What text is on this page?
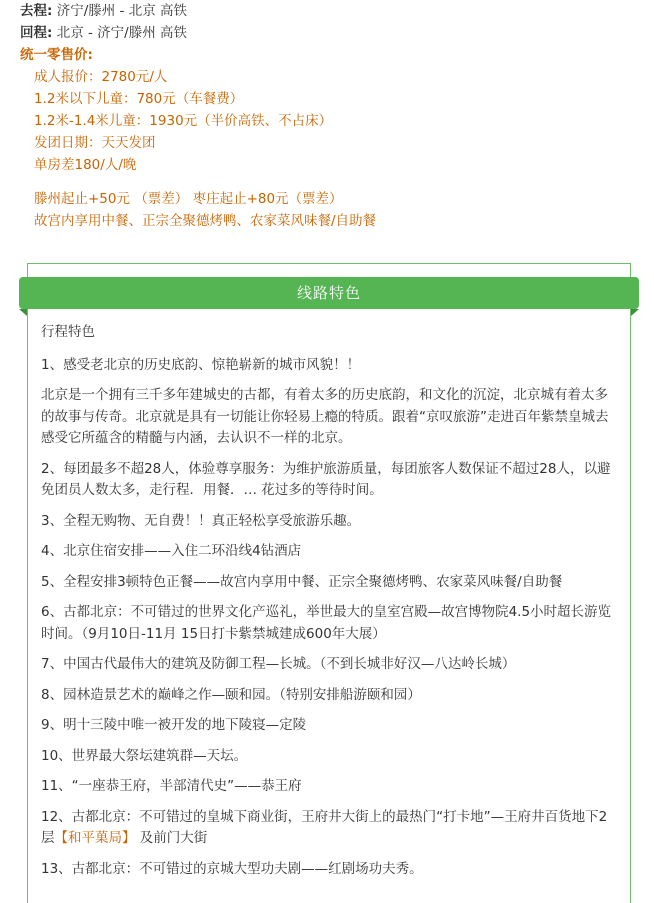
去程: 济宁/滕州 - 北京 高铁
回程: 北京 - 济宁/滕州 高铁
统一零售价:
成人报价：2780元/人
1.2米以下儿童：780元（车餐费）
1.2米-1.4米儿童：1930元（半价高铁、不占床）
发团日期：天天发团
单房差180/人/晚
滕州起止+50元 （票差） 枣庄起止+80元（票差）
故宫内享用中餐、正宗全聚德烤鸭、农家菜风味餐/自助餐
线路特色
行程特色
1、感受老北京的历史底韵、惊艳崭新的城市风貌！！
北京是一个拥有三千多年建城史的古都，有着太多的历史底韵，和文化的沉淀，北京城有着太多的故事与传奇。北京就是具有一切能让你轻易上瘾的特质。跟着“京叹旅游”走进百年紫禁皇城去感受它所蕴含的精髓与内涵，去认识不一样的北京。
2、每团最多不超28人，体验尊享服务：为维护旅游质量，每团旅客人数保证不超过28人，以避免团员人数太多，走行程．用餐．… 花过多的等待时间。
3、全程无购物、无自费！！真正轻松享受旅游乐趣。
4、北京住宿安排——入住二环沿线4钻酒店
5、全程安排3顿特色正餐——故宫内享用中餐、正宗全聚德烤鸭、农家菜风味餐/自助餐
6、古都北京：不可错过的世界文化产巡礼，举世最大的皇室宫殿—故宫博物院4.5小时超长游览时间。（9月10日-11月 15日打卡紫禁城建成600年大展）
7、中国古代最伟大的建筑及防御工程—长城。（不到长城非好汉—八达岭长城）
8、园林造景艺术的巅峰之作—颐和园。（特别安排船游颐和园）
9、明十三陵中唯一被开发的地下陵寝—定陵
10、世界最大祭坛建筑群—天坛。
11、“一座恭王府，半部清代史”——恭王府
12、古都北京：不可错过的皇城下商业街，王府井大街上的最热门“打卡地”—王府井百货地下2层【和平菓局】 及前门大街
13、古都北京：不可错过的京城大型功夫剧——红剧场功夫秀。
